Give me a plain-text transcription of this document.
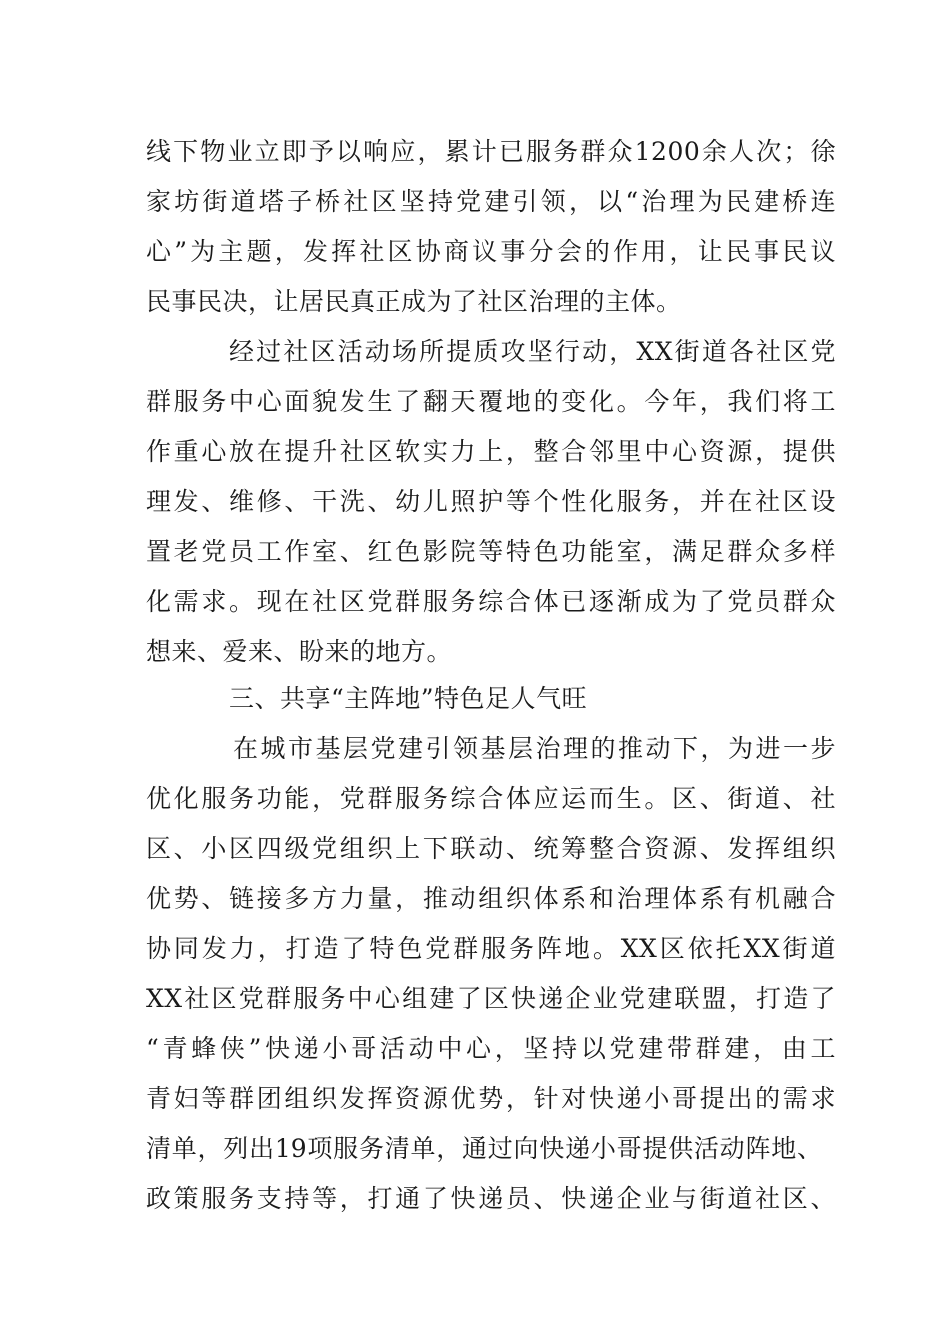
线下物业立即予以响应，累计已服务群众1200余人次；徐
家坊街道塔子桥社区坚持党建引领，以“治理为民建桥连
心”为主题，发挥社区协商议事分会的作用，让民事民议
民事民决，让居民真正成为了社区治理的主体。
经过社区活动场所提质攻坚行动，XX街道各社区党
群服务中心面貌发生了翻天覆地的变化。今年，我们将工
作重心放在提升社区软实力上，整合邻里中心资源，提供
理发、维修、干洗、幼儿照护等个性化服务，并在社区设
置老党员工作室、红色影院等特色功能室，满足群众多样
化需求。现在社区党群服务综合体已逐渐成为了党员群众
想来、爱来、盼来的地方。
三、共享“主阵地”特色足人气旺
在城市基层党建引领基层治理的推动下，为进一步
优化服务功能，党群服务综合体应运而生。区、街道、社
区、小区四级党组织上下联动、统筹整合资源、发挥组织
优势、链接多方力量，推动组织体系和治理体系有机融合
协同发力，打造了特色党群服务阵地。XX区依托XX街道
XX社区党群服务中心组建了区快递企业党建联盟，打造了
“青蜂侠”快递小哥活动中心，坚持以党建带群建，由工
青妇等群团组织发挥资源优势，针对快递小哥提出的需求
清单，列出19项服务清单，通过向快递小哥提供活动阵地、
政策服务支持等，打通了快递员、快递企业与街道社区、
